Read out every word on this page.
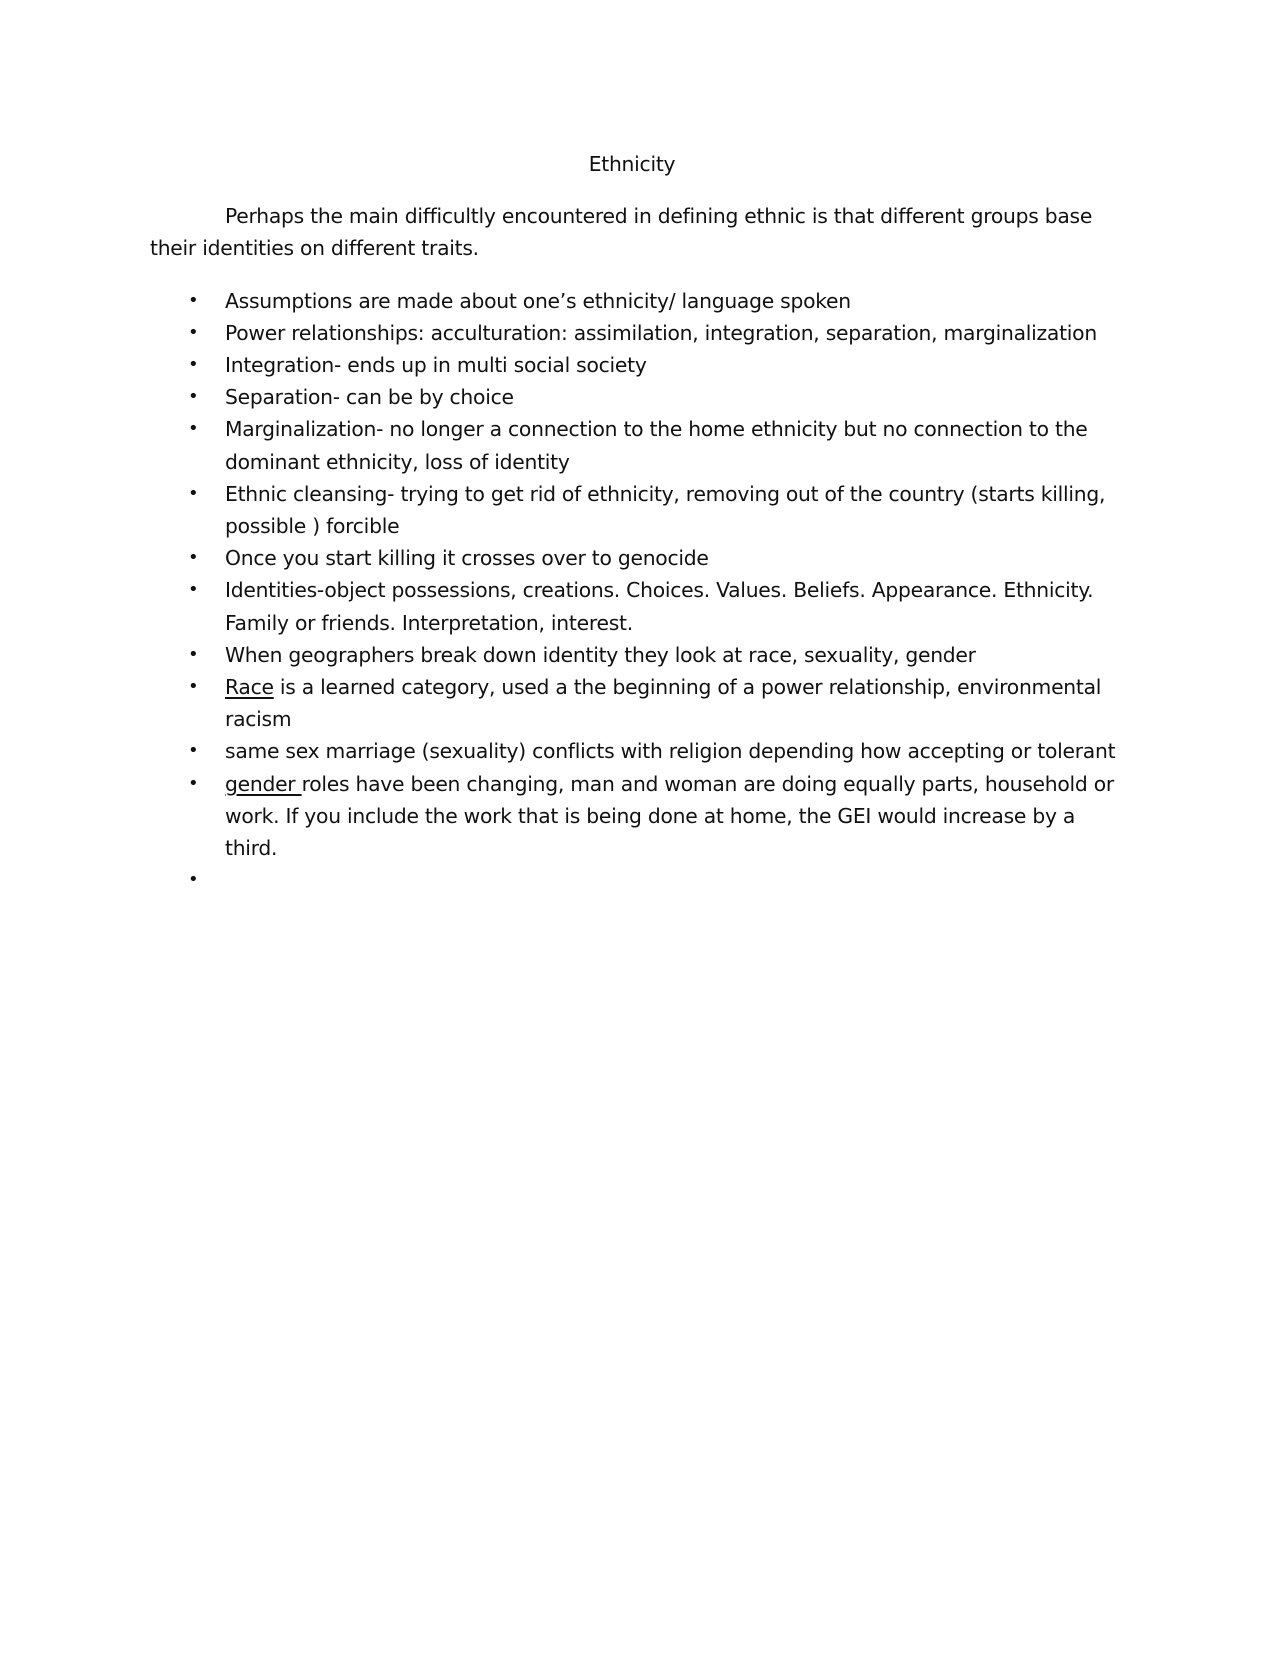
Ethnicity

Perhaps the main difficultly encountered in defining ethnic is that different groups base their identities on different traits.

• Assumptions are made about one’s ethnicity/ language spoken
• Power relationships: acculturation: assimilation, integration, separation, marginalization
• Integration- ends up in multi social society
• Separation- can be by choice
• Marginalization- no longer a connection to the home ethnicity but no connection to the dominant ethnicity, loss of identity
• Ethnic cleansing- trying to get rid of ethnicity, removing out of the country (starts killing, possible ) forcible
• Once you start killing it crosses over to genocide
• Identities-object possessions, creations. Choices. Values. Beliefs. Appearance. Ethnicity. Family or friends. Interpretation, interest.
• When geographers break down identity they look at race, sexuality, gender
• Race is a learned category, used a the beginning of a power relationship, environmental racism
• same sex marriage (sexuality) conflicts with religion depending how accepting or tolerant
• gender roles have been changing, man and woman are doing equally parts, household or work. If you include the work that is being done at home, the GEI would increase by a third.
•
